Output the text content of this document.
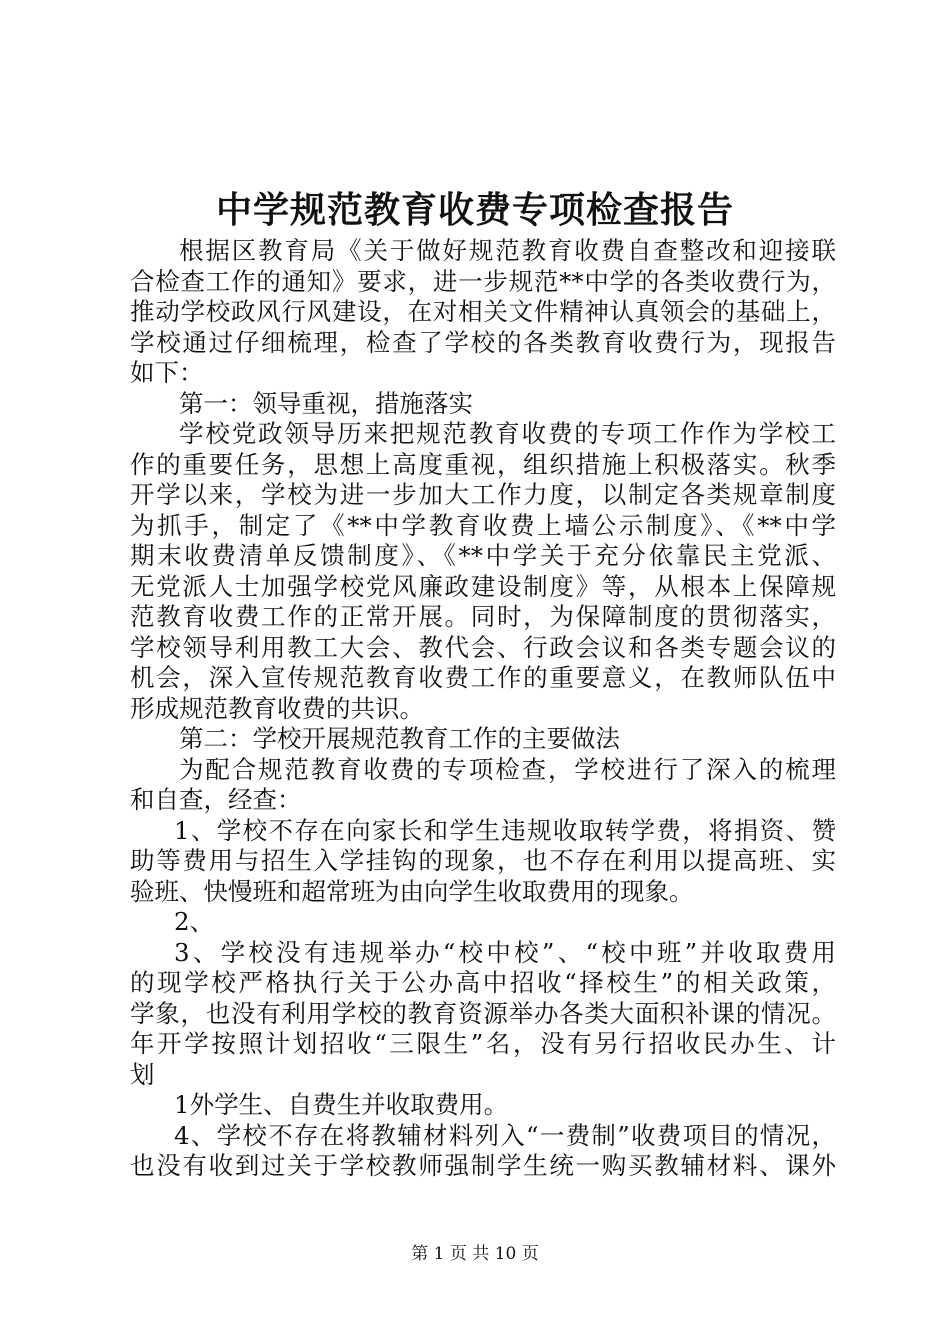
中学规范教育收费专项检查报告
根据区教育局《关于做好规范教育收费自查整改和迎接联
合检查工作的通知》要求，进一步规范**中学的各类收费行为，
推动学校政风行风建设，在对相关文件精神认真领会的基础上，
学校通过仔细梳理，检查了学校的各类教育收费行为，现报告
如下：
第一：领导重视，措施落实
学校党政领导历来把规范教育收费的专项工作作为学校工
作的重要任务，思想上高度重视，组织措施上积极落实。秋季
开学以来，学校为进一步加大工作力度，以制定各类规章制度
为抓手，制定了《**中学教育收费上墙公示制度》、《**中学
期末收费清单反馈制度》、《**中学关于充分依靠民主党派、
无党派人士加强学校党风廉政建设制度》等，从根本上保障规
范教育收费工作的正常开展。同时，为保障制度的贯彻落实，
学校领导利用教工大会、教代会、行政会议和各类专题会议的
机会，深入宣传规范教育收费工作的重要意义，在教师队伍中
形成规范教育收费的共识。
第二：学校开展规范教育工作的主要做法
为配合规范教育收费的专项检查，学校进行了深入的梳理
和自查，经查：
1、学校不存在向家长和学生违规收取转学费，将捐资、赞
助等费用与招生入学挂钩的现象，也不存在利用以提高班、实
验班、快慢班和超常班为由向学生收取费用的现象。
2、
3、学校没有违规举办“校中校”、“校中班”并收取费用
的现学校严格执行关于公办高中招收“择校生”的相关政策，
学象，也没有利用学校的教育资源举办各类大面积补课的情况。
年开学按照计划招收“三限生”名，没有另行招收民办生、计
划
1外学生、自费生并收取费用。
4、学校不存在将教辅材料列入“一费制”收费项目的情况，
也没有收到过关于学校教师强制学生统一购买教辅材料、课外
第 1 页 共 10 页
